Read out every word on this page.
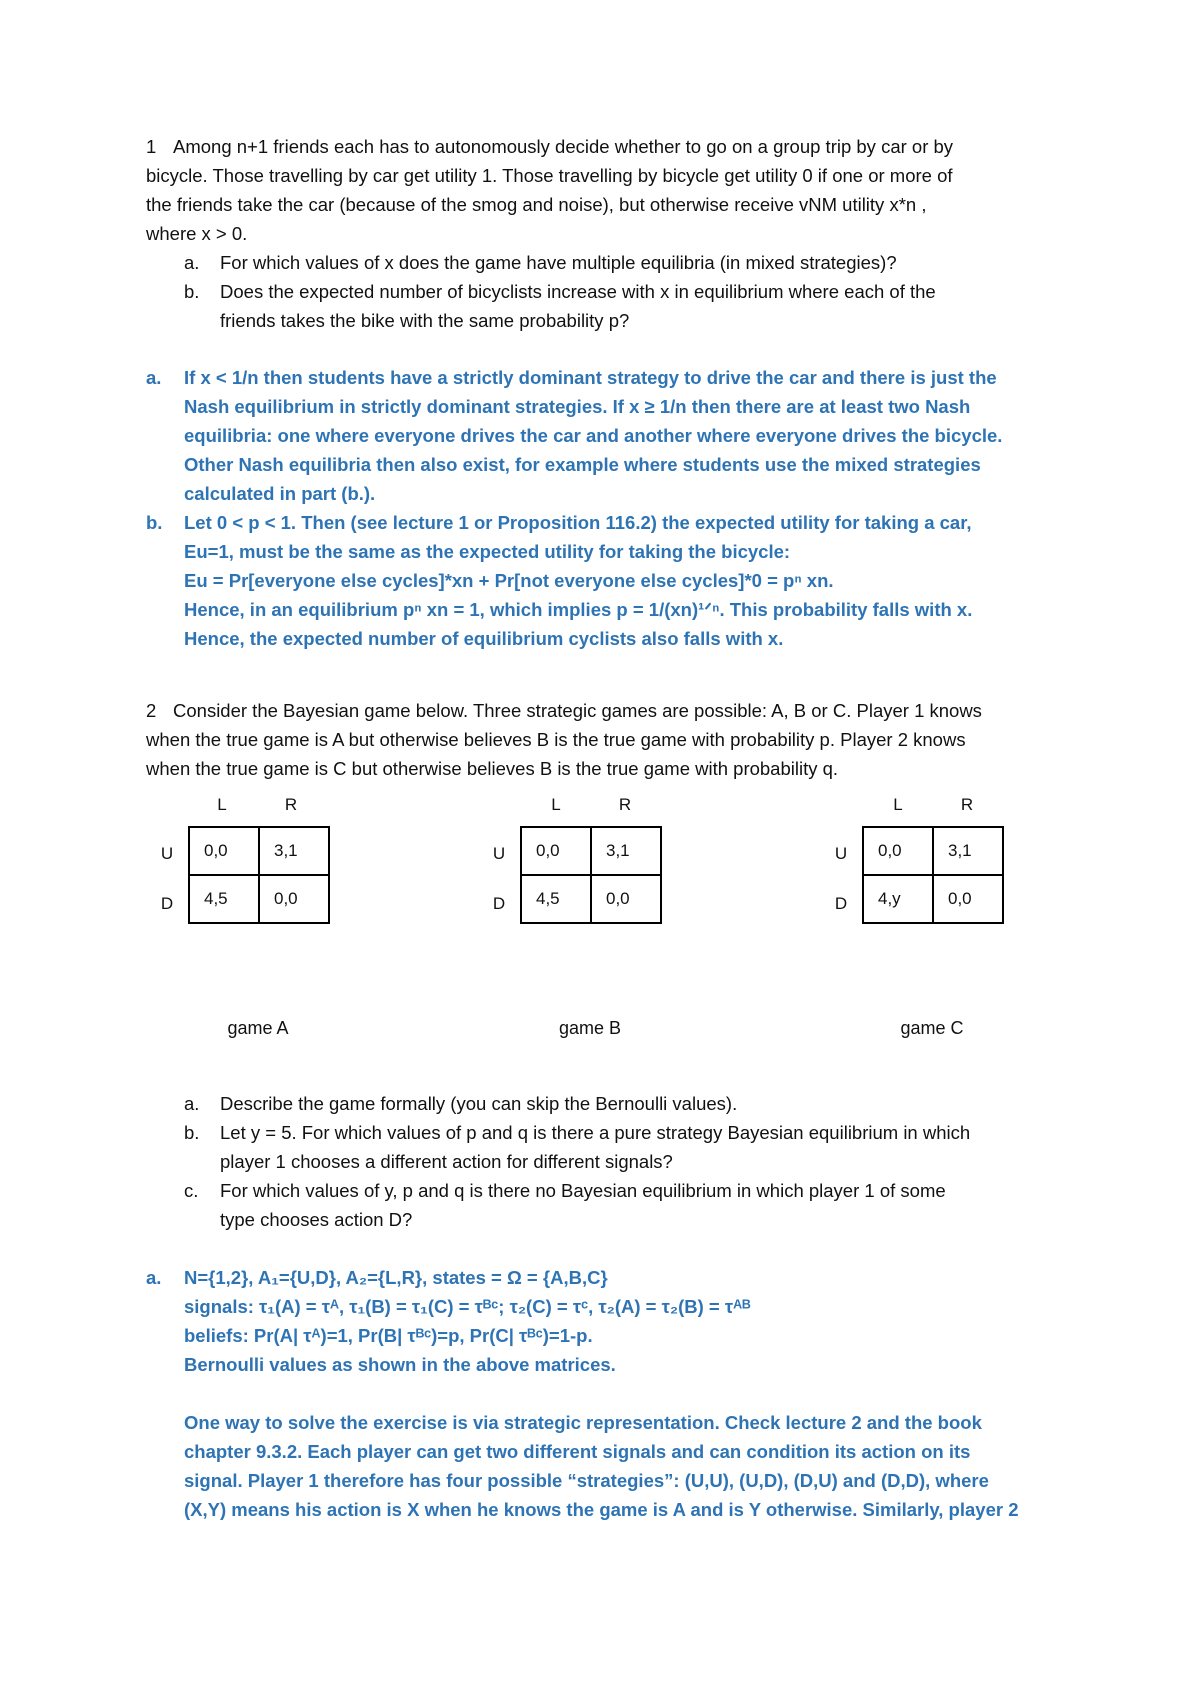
1 Among n+1 friends each has to autonomously decide whether to go on a group trip by car or by
bicycle. Those travelling by car get utility 1. Those travelling by bicycle get utility 0 if one or more of
the friends take the car (because of the smog and noise), but otherwise receive vNM utility x*n ,
where x > 0.
a. For which values of x does the game have multiple equilibria (in mixed strategies)?
b. Does the expected number of bicyclists increase with x in equilibrium where each of the
friends takes the bike with the same probability p?
a. If x < 1/n then students have a strictly dominant strategy to drive the car and there is just the
Nash equilibrium in strictly dominant strategies. If x ≥ 1/n then there are at least two Nash
equilibria: one where everyone drives the car and another where everyone drives the bicycle.
Other Nash equilibria then also exist, for example where students use the mixed strategies
calculated in part (b.).
b. Let 0 < p < 1. Then (see lecture 1 or Proposition 116.2) the expected utility for taking a car,
Eu=1, must be the same as the expected utility for taking the bicycle:
Eu = Pr[everyone else cycles]*xn + Pr[not everyone else cycles]*0 = pⁿ xn.
Hence, in an equilibrium pⁿ xn = 1, which implies p = 1/(xn)¹ᐟⁿ. This probability falls with x.
Hence, the expected number of equilibrium cyclists also falls with x.
2 Consider the Bayesian game below. Three strategic games are possible: A, B or C. Player 1 knows
when the true game is A but otherwise believes B is the true game with probability p. Player 2 knows
when the true game is C but otherwise believes B is the true game with probability q.
L	R
U
D
0,0	3,1
4,5	0,0
game A
L	R
U
D
0,0	3,1
4,5	0,0
game B
L	R
U
D
0,0	3,1
4,y	0,0
game C
a. Describe the game formally (you can skip the Bernoulli values).
b. Let y = 5. For which values of p and q is there a pure strategy Bayesian equilibrium in which
player 1 chooses a different action for different signals?
c. For which values of y, p and q is there no Bayesian equilibrium in which player 1 of some
type chooses action D?
a. N={1,2}, A₁={U,D}, A₂={L,R}, states = Ω = {A,B,C}
signals: τ₁(A) = τᴬ, τ₁(B) = τ₁(C) = τᴮᶜ; τ₂(C) = τᶜ, τ₂(A) = τ₂(B) = τᴬᴮ
beliefs: Pr(A| τᴬ)=1, Pr(B| τᴮᶜ)=p, Pr(C| τᴮᶜ)=1-p.
Bernoulli values as shown in the above matrices.
One way to solve the exercise is via strategic representation. Check lecture 2 and the book
chapter 9.3.2. Each player can get two different signals and can condition its action on its
signal. Player 1 therefore has four possible “strategies”: (U,U), (U,D), (D,U) and (D,D), where
(X,Y) means his action is X when he knows the game is A and is Y otherwise. Similarly, player 2
